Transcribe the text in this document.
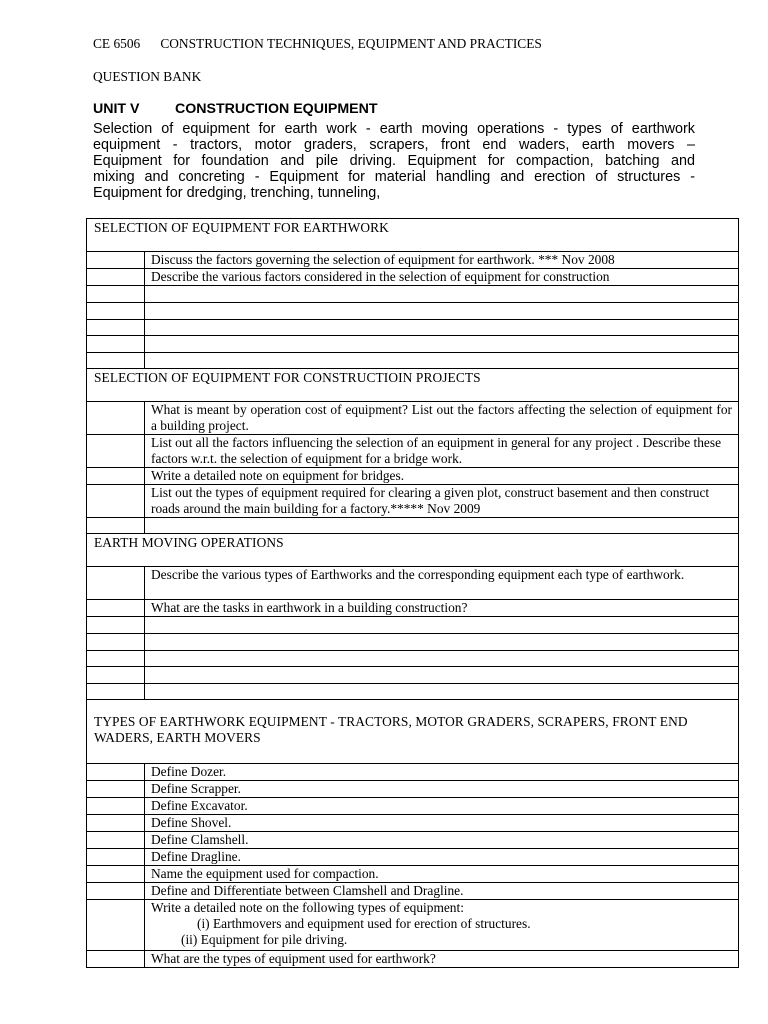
CE 6506      CONSTRUCTION TECHNIQUES, EQUIPMENT AND PRACTICES
QUESTION BANK
UNIT V         CONSTRUCTION EQUIPMENT
Selection of equipment for earth work - earth moving operations - types of earthwork
equipment - tractors, motor graders, scrapers, front end waders, earth movers –
Equipment for foundation and pile driving. Equipment for compaction, batching and
mixing and concreting - Equipment for material handling and erection of structures -
Equipment for dredging, trenching, tunneling,
SELECTION OF EQUIPMENT FOR EARTHWORK	
	Discuss the factors governing the selection of equipment for earthwork. *** Nov 2008
	Describe the various factors considered in the selection of equipment for construction

SELECTION OF EQUIPMENT FOR CONSTRUCTIOIN PROJECTS	
	What is meant by operation cost of equipment? List out the factors affecting the selection of equipment for a building project.
	List out all the factors influencing the selection of an equipment in general for any project . Describe these factors w.r.t. the selection of equipment for a bridge work.
	Write a detailed note on equipment for bridges.
	List out the types of equipment required for clearing a given plot, construct basement and then construct roads around the main building for a factory.***** Nov 2009

EARTH MOVING OPERATIONS	
	Describe the various types of Earthworks and the corresponding equipment each type of earthwork.
	What are the tasks in earthwork in a building construction?

TYPES OF EARTHWORK EQUIPMENT - TRACTORS, MOTOR GRADERS, SCRAPERS, FRONT END WADERS, EARTH MOVERS	
	Define Dozer.
	Define Scrapper.
	Define Excavator.
	Define Shovel.
	Define Clamshell.
	Define Dragline.
	Name the equipment used for compaction.
	Define and Differentiate between Clamshell and Dragline.

	Write a detailed note on the following types of equipment:
(i) Earthmovers and equipment used for erection of structures.
(ii) Equipment for pile driving.

	What are the types of equipment used for earthwork?
